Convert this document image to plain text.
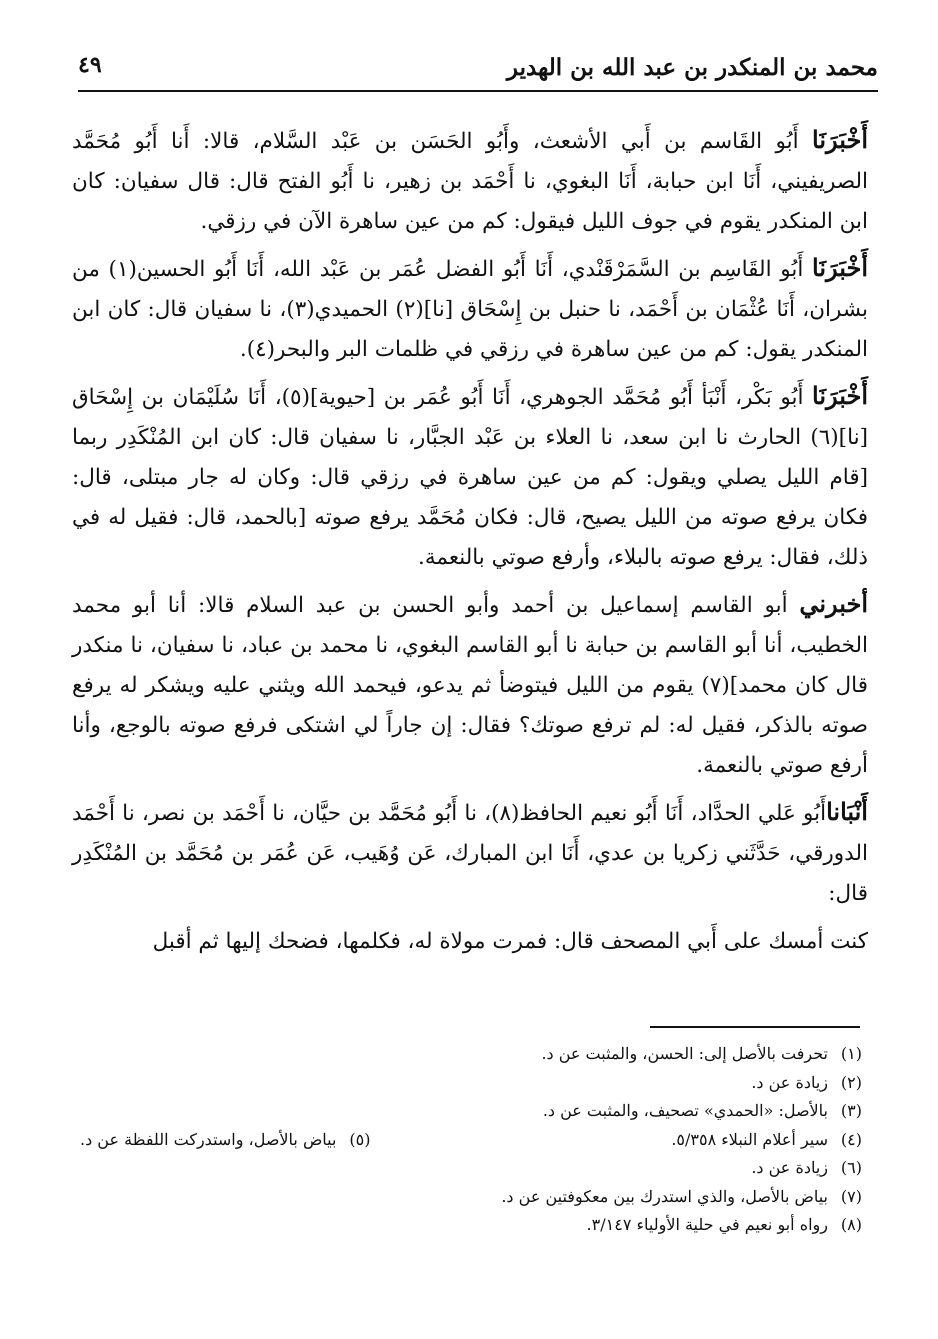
٤٩	محمد بن المنكدر بن عبد الله بن الهدير

أَخْبَرَنَا أَبُو القَاسم بن أَبي الأشعث، وأَبُو الحَسَن بن عَبْد السَّلام، قالا: أَنا أَبُو مُحَمَّد الصريفيني، أَنَا ابن حبابة، أَنَا البغوي، نا أَحْمَد بن زهير، نا أَبُو الفتح قال: قال سفيان: كان ابن المنكدر يقوم في جوف الليل فيقول: كم من عين ساهرة الآن في رزقي.

أَخْبَرَنَا أَبُو القَاسِم بن السَّمَرْقَنْدي، أَنَا أَبُو الفضل عُمَر بن عَبْد الله، أَنَا أَبُو الحسين(١) من بشران، أَنَا عُثْمَان بن أَحْمَد، نا حنبل بن إِسْحَاق [نا](٢) الحميدي(٣)، نا سفيان قال: كان ابن المنكدر يقول: كم من عين ساهرة في رزقي في ظلمات البر والبحر(٤).

أَخْبَرَنَا أَبُو بَكْر، أَنْبَأ أَبُو مُحَمَّد الجوهري، أَنَا أَبُو عُمَر بن [حيوية](٥)، أَنَا سُلَيْمَان بن إِسْحَاق [نا](٦) الحارث نا ابن سعد، نا العلاء بن عَبْد الجبَّار، نا سفيان قال: كان ابن المُنْكَدِر ربما [قام الليل يصلي ويقول: كم من عين ساهرة في رزقي قال: وكان له جار مبتلى، قال: فكان يرفع صوته من الليل يصيح، قال: فكان مُحَمَّد يرفع صوته [بالحمد، قال: فقيل له في ذلك، فقال: يرفع صوته بالبلاء، وأرفع صوتي بالنعمة.

أخبرني أبو القاسم إسماعيل بن أحمد وأبو الحسن بن عبد السلام قالا: أنا أبو محمد الخطيب، أنا أبو القاسم بن حبابة نا أبو القاسم البغوي، نا محمد بن عباد، نا سفيان، نا منكدر قال كان محمد](٧) يقوم من الليل فيتوضأ ثم يدعو، فيحمد الله ويثني عليه ويشكر له يرفع صوته بالذكر، فقيل له: لم ترفع صوتك؟ فقال: إن جاراً لي اشتكى فرفع صوته بالوجع، وأنا أرفع صوتي بالنعمة.

أَنْبَاناأَبُو عَلي الحدَّاد، أَنَا أَبُو نعيم الحافظ(٨)، نا أَبُو مُحَمَّد بن حيَّان، نا أَحْمَد بن نصر، نا أَحْمَد الدورقي، حَدَّثَني زكريا بن عدي، أَنَا ابن المبارك، عَن وُهَيب، عَن عُمَر بن مُحَمَّد بن المُنْكَدِر قال:

كنت أمسك على أَبي المصحف قال: فمرت مولاة له، فكلمها، فضحك إليها ثم أقبل

(١)تحرفت بالأصل إلى: الحسن، والمثبت عن د.
(٢)زيادة عن د.
(٣)بالأصل: «الحمدي» تصحيف، والمثبت عن د.
(٤)سير أعلام النبلاء ٥/٣٥٨.
(٥)بياض بالأصل، واستدركت اللفظة عن د.
(٦)زيادة عن د.
(٧)بياض بالأصل، والذي استدرك بين معكوفتين عن د.
(٨)رواه أبو نعيم في حلية الأولياء ٣/١٤٧.
